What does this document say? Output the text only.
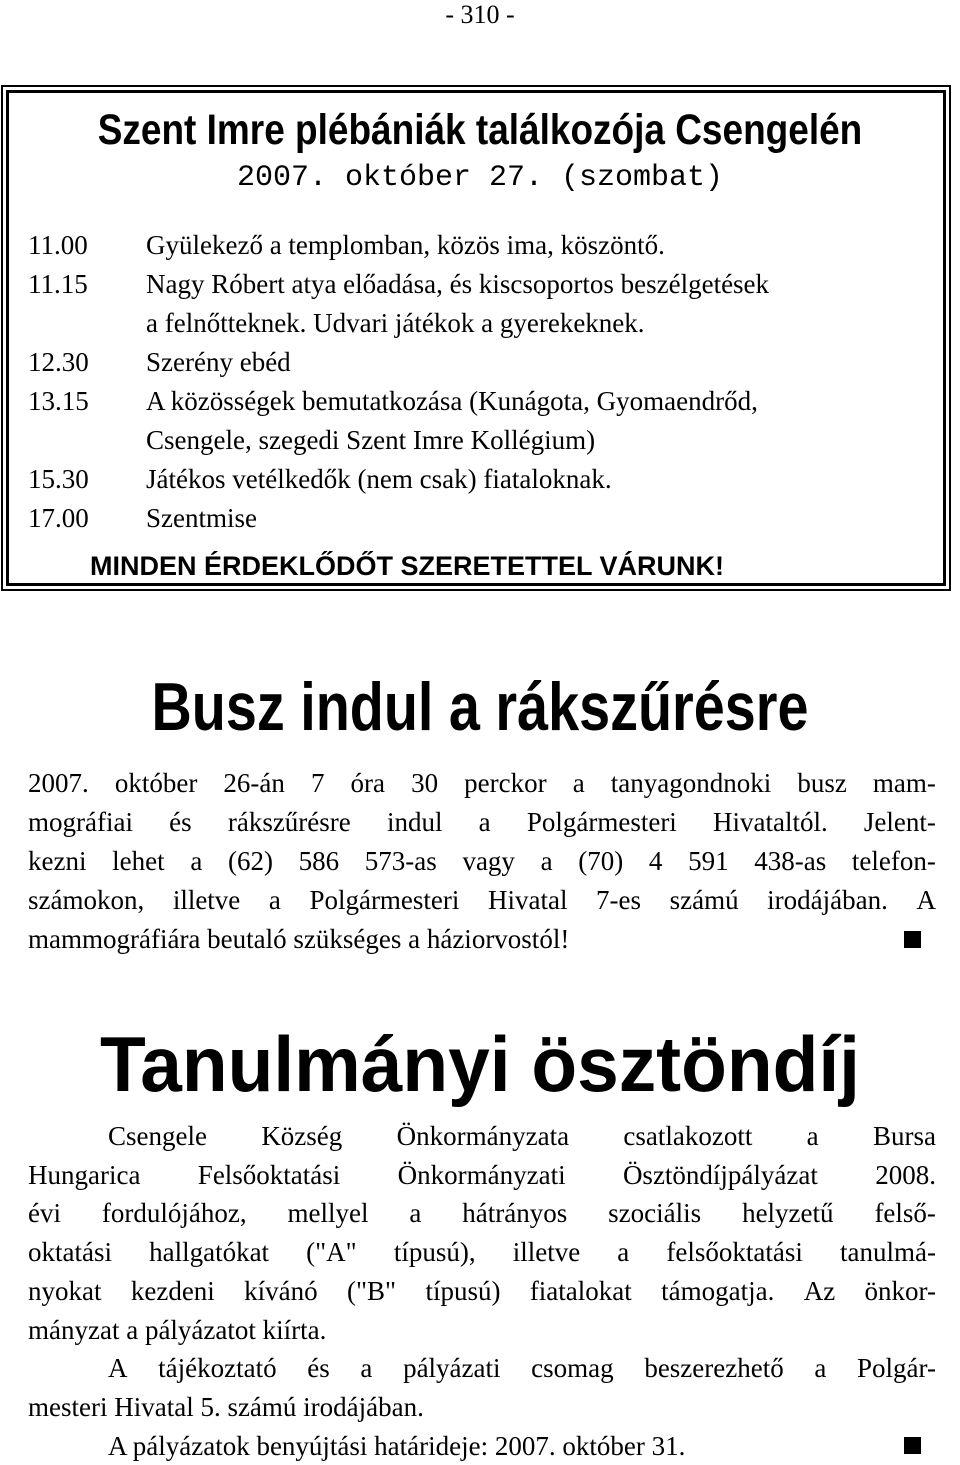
- 310 -
Szent Imre plébániák találkozója Csengelén
2007. október 27. (szombat)
11.00	Gyülekező a templomban, közös ima, köszöntő.
11.15	Nagy Róbert atya előadása, és kiscsoportos beszélgetések
a felnőtteknek. Udvari játékok a gyerekeknek.
12.30	Szerény ebéd
13.15	A közösségek bemutatkozása (Kunágota, Gyomaendrőd,
Csengele, szegedi Szent Imre Kollégium)
15.30	Játékos vetélkedők (nem csak) fiataloknak.
17.00	Szentmise
MINDEN ÉRDEKLŐDŐT SZERETETTEL VÁRUNK!
Busz indul a rákszűrésre
2007. október 26-án 7 óra 30 perckor a tanyagondnoki busz mam-
mográfiai és rákszűrésre indul a Polgármesteri Hivataltól. Jelent-
kezni lehet a (62) 586 573-as vagy a (70) 4 591 438-as telefon-
számokon, illetve a Polgármesteri Hivatal 7-es számú irodájában. A
mammográfiára beutaló szükséges a háziorvostól!
Tanulmányi ösztöndíj
Csengele Község Önkormányzata csatlakozott a Bursa
Hungarica Felsőoktatási Önkormányzati Ösztöndíjpályázat 2008.
évi fordulójához, mellyel a hátrányos szociális helyzetű felső-
oktatási hallgatókat ("A" típusú), illetve a felsőoktatási tanulmá-
nyokat kezdeni kívánó ("B" típusú) fiatalokat támogatja. Az önkor-
mányzat a pályázatot kiírta.
A tájékoztató és a pályázati csomag beszerezhető a Polgár-
mesteri Hivatal 5. számú irodájában.
A pályázatok benyújtási határideje: 2007. október 31.
